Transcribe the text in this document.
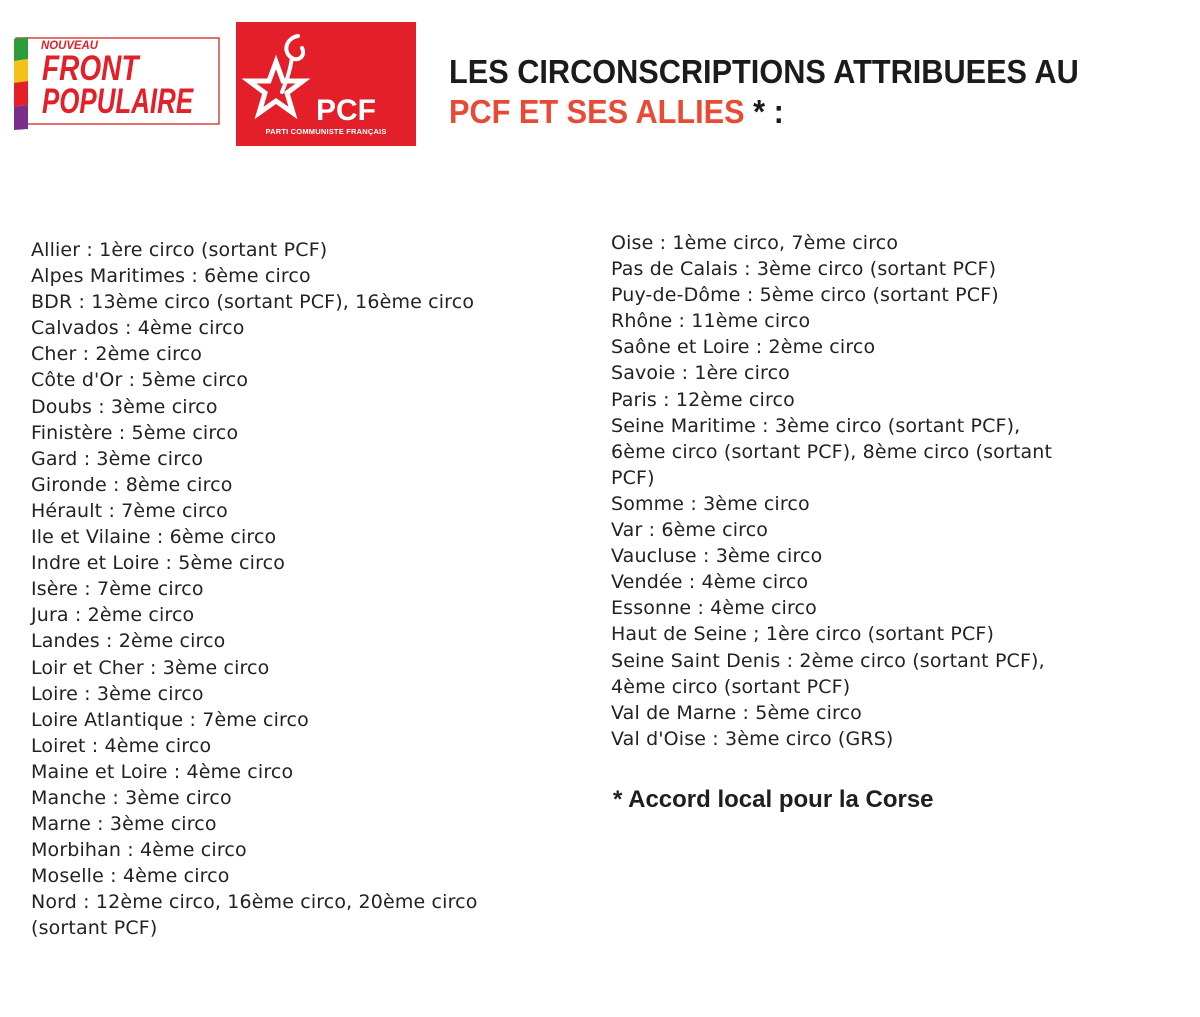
NOUVEAU
FRONT
POPULAIRE	PCF
PARTI COMMUNISTE FRANÇAIS
LES CIRCONSCRIPTIONS ATTRIBUEES AU
PCF ET SES ALLIES * :
Allier : 1ère circo (sortant PCF)
Alpes Maritimes : 6ème circo
BDR : 13ème circo (sortant PCF), 16ème circo
Calvados : 4ème circo
Cher : 2ème circo
Côte d'Or : 5ème circo
Doubs : 3ème circo
Finistère : 5ème circo
Gard : 3ème circo
Gironde : 8ème circo
Hérault : 7ème circo
Ile et Vilaine : 6ème circo
Indre et Loire : 5ème circo
Isère : 7ème circo
Jura : 2ème circo
Landes : 2ème circo
Loir et Cher : 3ème circo
Loire : 3ème circo
Loire Atlantique : 7ème circo
Loiret : 4ème circo
Maine et Loire : 4ème circo
Manche : 3ème circo
Marne : 3ème circo
Morbihan : 4ème circo
Moselle : 4ème circo
Nord : 12ème circo, 16ème circo, 20ème circo
(sortant PCF)
Oise : 1ème circo, 7ème circo
Pas de Calais : 3ème circo (sortant PCF)
Puy-de-Dôme : 5ème circo (sortant PCF)
Rhône : 11ème circo
Saône et Loire : 2ème circo
Savoie : 1ère circo
Paris : 12ème circo
Seine Maritime : 3ème circo (sortant PCF),
6ème circo (sortant PCF), 8ème circo (sortant
PCF)
Somme : 3ème circo
Var : 6ème circo
Vaucluse : 3ème circo
Vendée : 4ème circo
Essonne : 4ème circo
Haut de Seine ; 1ère circo (sortant PCF)
Seine Saint Denis : 2ème circo (sortant PCF),
4ème circo (sortant PCF)
Val de Marne : 5ème circo
Val d'Oise : 3ème circo (GRS)
* Accord local pour la Corse
